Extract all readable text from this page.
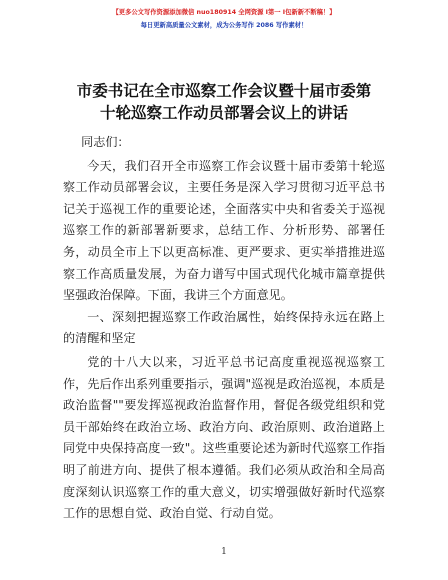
【更多公文写作资源添加微信 nuo180914 全网资源 I第一 I包新新不断稿！】
每日更新高质量公文素材，成为公务写作 2086 写作素材！
市委书记在全市巡察工作会议暨十届市委第十轮巡察工作动员部署会议上的讲话

同志们：

今天，我们召开全市巡察工作会议暨十届市委第十轮巡察工作动员部署会议，主要任务是深入学习贯彻习近平总书记关于巡视工作的重要论述，全面落实中央和省委关于巡视巡察工作的新部署新要求，总结工作、分析形势、部署任务，动员全市上下以更高标准、更严要求、更实举措推进巡察工作高质量发展，为奋力谱写中国式现代化城市篇章提供坚强政治保障。下面，我讲三个方面意见。

一、深刻把握巡察工作政治属性，始终保持永远在路上的清醒和坚定

党的十八大以来，习近平总书记高度重视巡视巡察工作，先后作出系列重要指示，强调"巡视是政治巡视，本质是政治监督""要发挥巡视政治监督作用，督促各级党组织和党员干部始终在政治立场、政治方向、政治原则、政治道路上同党中央保持高度一致"。这些重要论述为新时代巡察工作指明了前进方向、提供了根本遵循。我们必须从政治和全局高度深刻认识巡察工作的重大意义，切实增强做好新时代巡察工作的思想自觉、政治自觉、行动自觉。

1
